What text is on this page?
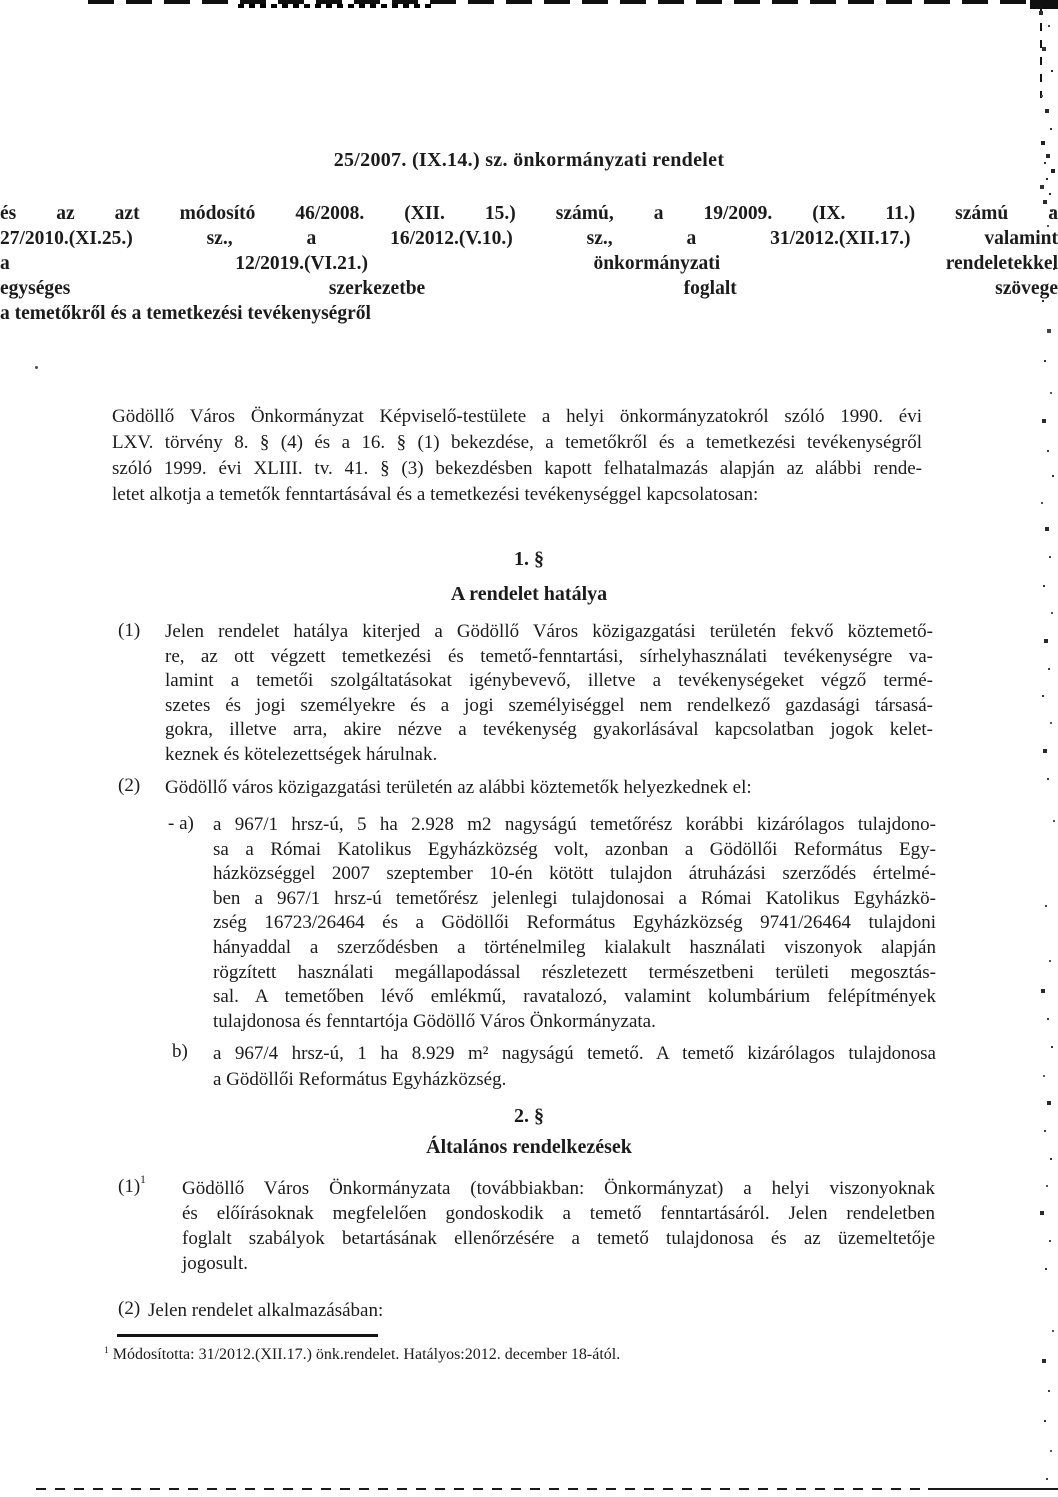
25/2007. (IX.14.) sz. önkormányzati rendelet
és az azt módosító 46/2008. (XII. 15.) számú, a 19/2009. (IX. 11.) számú a
27/2010.(XI.25.) sz., a 16/2012.(V.10.) sz., a 31/2012.(XII.17.) valamint
a 12/2019.(VI.21.) önkormányzati rendeletekkel
egységes szerkezetbe foglalt szövege
a temetőkről és a temetkezési tevékenységről
Gödöllő Város Önkormányzat Képviselő-testülete a helyi önkormányzatokról szóló 1990. évi
LXV. törvény 8. § (4) és a 16. § (1) bekezdése, a temetőkről és a temetkezési tevékenységről
szóló 1999. évi XLIII. tv. 41. § (3) bekezdésben kapott felhatalmazás alapján az alábbi rende-
letet alkotja a temetők fenntartásával és a temetkezési tevékenységgel kapcsolatosan:
1. §
A rendelet hatálya
(1) Jelen rendelet hatálya kiterjed a Gödöllő Város közigazgatási területén fekvő köztemető-
re, az ott végzett temetkezési és temető-fenntartási, sírhelyhasználati tevékenységre va-
lamint a temetői szolgáltatásokat igénybevevő, illetve a tevékenységeket végző termé-
szetes és jogi személyekre és a jogi személyiséggel nem rendelkező gazdasági társasá-
gokra, illetve arra, akire nézve a tevékenység gyakorlásával kapcsolatban jogok kelet-
keznek és kötelezettségek hárulnak.
(2) Gödöllő város közigazgatási területén az alábbi köztemetők helyezkednek el:
- a) a 967/1 hrsz-ú, 5 ha 2.928 m2 nagyságú temetőrész korábbi kizárólagos tulajdono-
sa a Római Katolikus Egyházközség volt, azonban a Gödöllői Református Egy-
házközséggel 2007 szeptember 10-én kötött tulajdon átruházási szerződés értelmé-
ben a 967/1 hrsz-ú temetőrész jelenlegi tulajdonosai a Római Katolikus Egyházkö-
zség 16723/26464 és a Gödöllői Református Egyházközség 9741/26464 tulajdoni
hányaddal a szerződésben a történelmileg kialakult használati viszonyok alapján
rögzített használati megállapodással részletezett természetbeni területi megosztás-
sal. A temetőben lévő emlékmű, ravatalozó, valamint kolumbárium felépítmények
tulajdonosa és fenntartója Gödöllő Város Önkormányzata.
b) a 967/4 hrsz-ú, 1 ha 8.929 m² nagyságú temető. A temető kizárólagos tulajdonosa
a Gödöllői Református Egyházközség.
2. §
Általános rendelkezések
$(1)^1$ Gödöllő Város Önkormányzata (továbbiakban: Önkormányzat) a helyi viszonyoknak
és előírásoknak megfelelően gondoskodik a temető fenntartásáról. Jelen rendeletben
foglalt szabályok betartásának ellenőrzésére a temető tulajdonosa és az üzemeltetője
jogosult.
(2) Jelen rendelet alkalmazásában:
$^1$ Módosította: 31/2012.(XII.17.) önk.rendelet. Hatályos:2012. december 18-ától.
